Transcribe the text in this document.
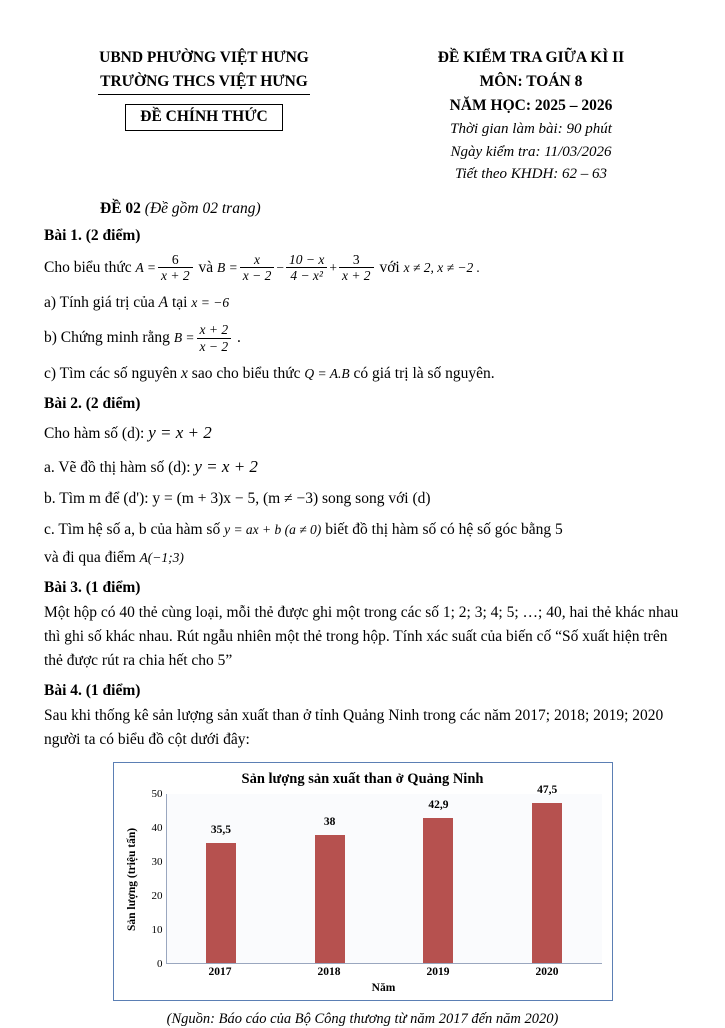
UBND PHƯỜNG VIỆT HƯNG
TRƯỜNG THCS VIỆT HƯNG
ĐỀ CHÍNH THỨC
ĐỀ KIỂM TRA GIỮA KÌ II
MÔN: TOÁN 8
NĂM HỌC: 2025 – 2026
Thời gian làm bài: 90 phút
Ngày kiểm tra: 11/03/2026
Tiết theo KHDH: 62 – 63
ĐỀ 02 (Đề gồm 02 trang)
Bài 1. (2 điểm)
Cho biểu thức $A = \frac{6}{x + 2}$ và $B = \frac{x}{x - 2} - \frac{10 - x}{\text{4 − x²}} + \frac{3}{x + 2}$ với x ≠ 2, x ≠ −2 .
a) Tính giá trị của A tại x = −6
b) Chứng minh rằng $B = \frac{x + 2}{x - 2}$ .
c) Tìm các số nguyên x sao cho biểu thức Q = A.B có giá trị là số nguyên.
Bài 2. (2 điểm)
Cho hàm số (d): y = x + 2
a. Vẽ đồ thị hàm số (d): y = x + 2
b. Tìm m để (d'): y = (m + 3)x − 5, (m ≠ −3) song song với (d)
c. Tìm hệ số a, b của hàm số y = ax + b (a ≠ 0) biết đồ thị hàm số có hệ số góc bằng 5
và đi qua điểm A(−1;3)
Bài 3. (1 điểm)
Một hộp có 40 thẻ cùng loại, mỗi thẻ được ghi một trong các số 1; 2; 3; 4; 5; …; 40, hai thẻ khác nhau thì ghi số khác nhau. Rút ngẫu nhiên một thẻ trong hộp. Tính xác suất của biến cố “Số xuất hiện trên thẻ được rút ra chia hết cho 5”
Bài 4. (1 điểm)
Sau khi thống kê sản lượng sản xuất than ở tỉnh Quảng Ninh trong các năm 2017; 2018; 2019; 2020 người ta có biểu đồ cột dưới đây:
Sản lượng sản xuất than ở Quảng Ninh
Sản lượng (triệu tấn)
0
10
20
30
40
50
35,5
38
42,9
47,5
2017	2018	2019	2020
Năm
(Nguồn: Báo cáo của Bộ Công thương từ năm 2017 đến năm 2020)
